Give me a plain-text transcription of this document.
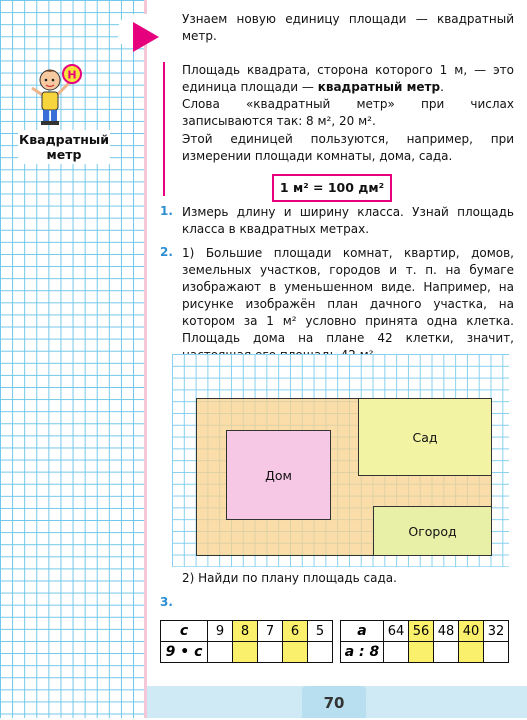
Н
Квадратный
метр

Узнаем новую единицу площади — квадратный метр.

Площадь квадрата, сторона которого 1 м, — это единица площади — квадратный метр.

Слова «квадратный метр» при числах записываются так: 8 м², 20 м².

Этой единицей пользуются, например, при измерении площади комнаты, дома, сада.

1 м² = 100 дм²
1. Измерь длину и ширину класса. Узнай площадь класса в квадратных метрах.

2. 1) Большие площади комнат, квартир, домов, земельных участков, городов и т. п. на бумаге изображают в уменьшенном виде. Например, на рисунке изображён план дачного участка, на котором за 1 м² условно принята одна клетка. Площадь дома на плане 42 клетки, значит,

Сад
Огород
Дом

2) Найди по плану площадь сада.

3.
c	9	8	7	6	5
9 • c					
a	64	56	48	40	32
a : 8					
70
